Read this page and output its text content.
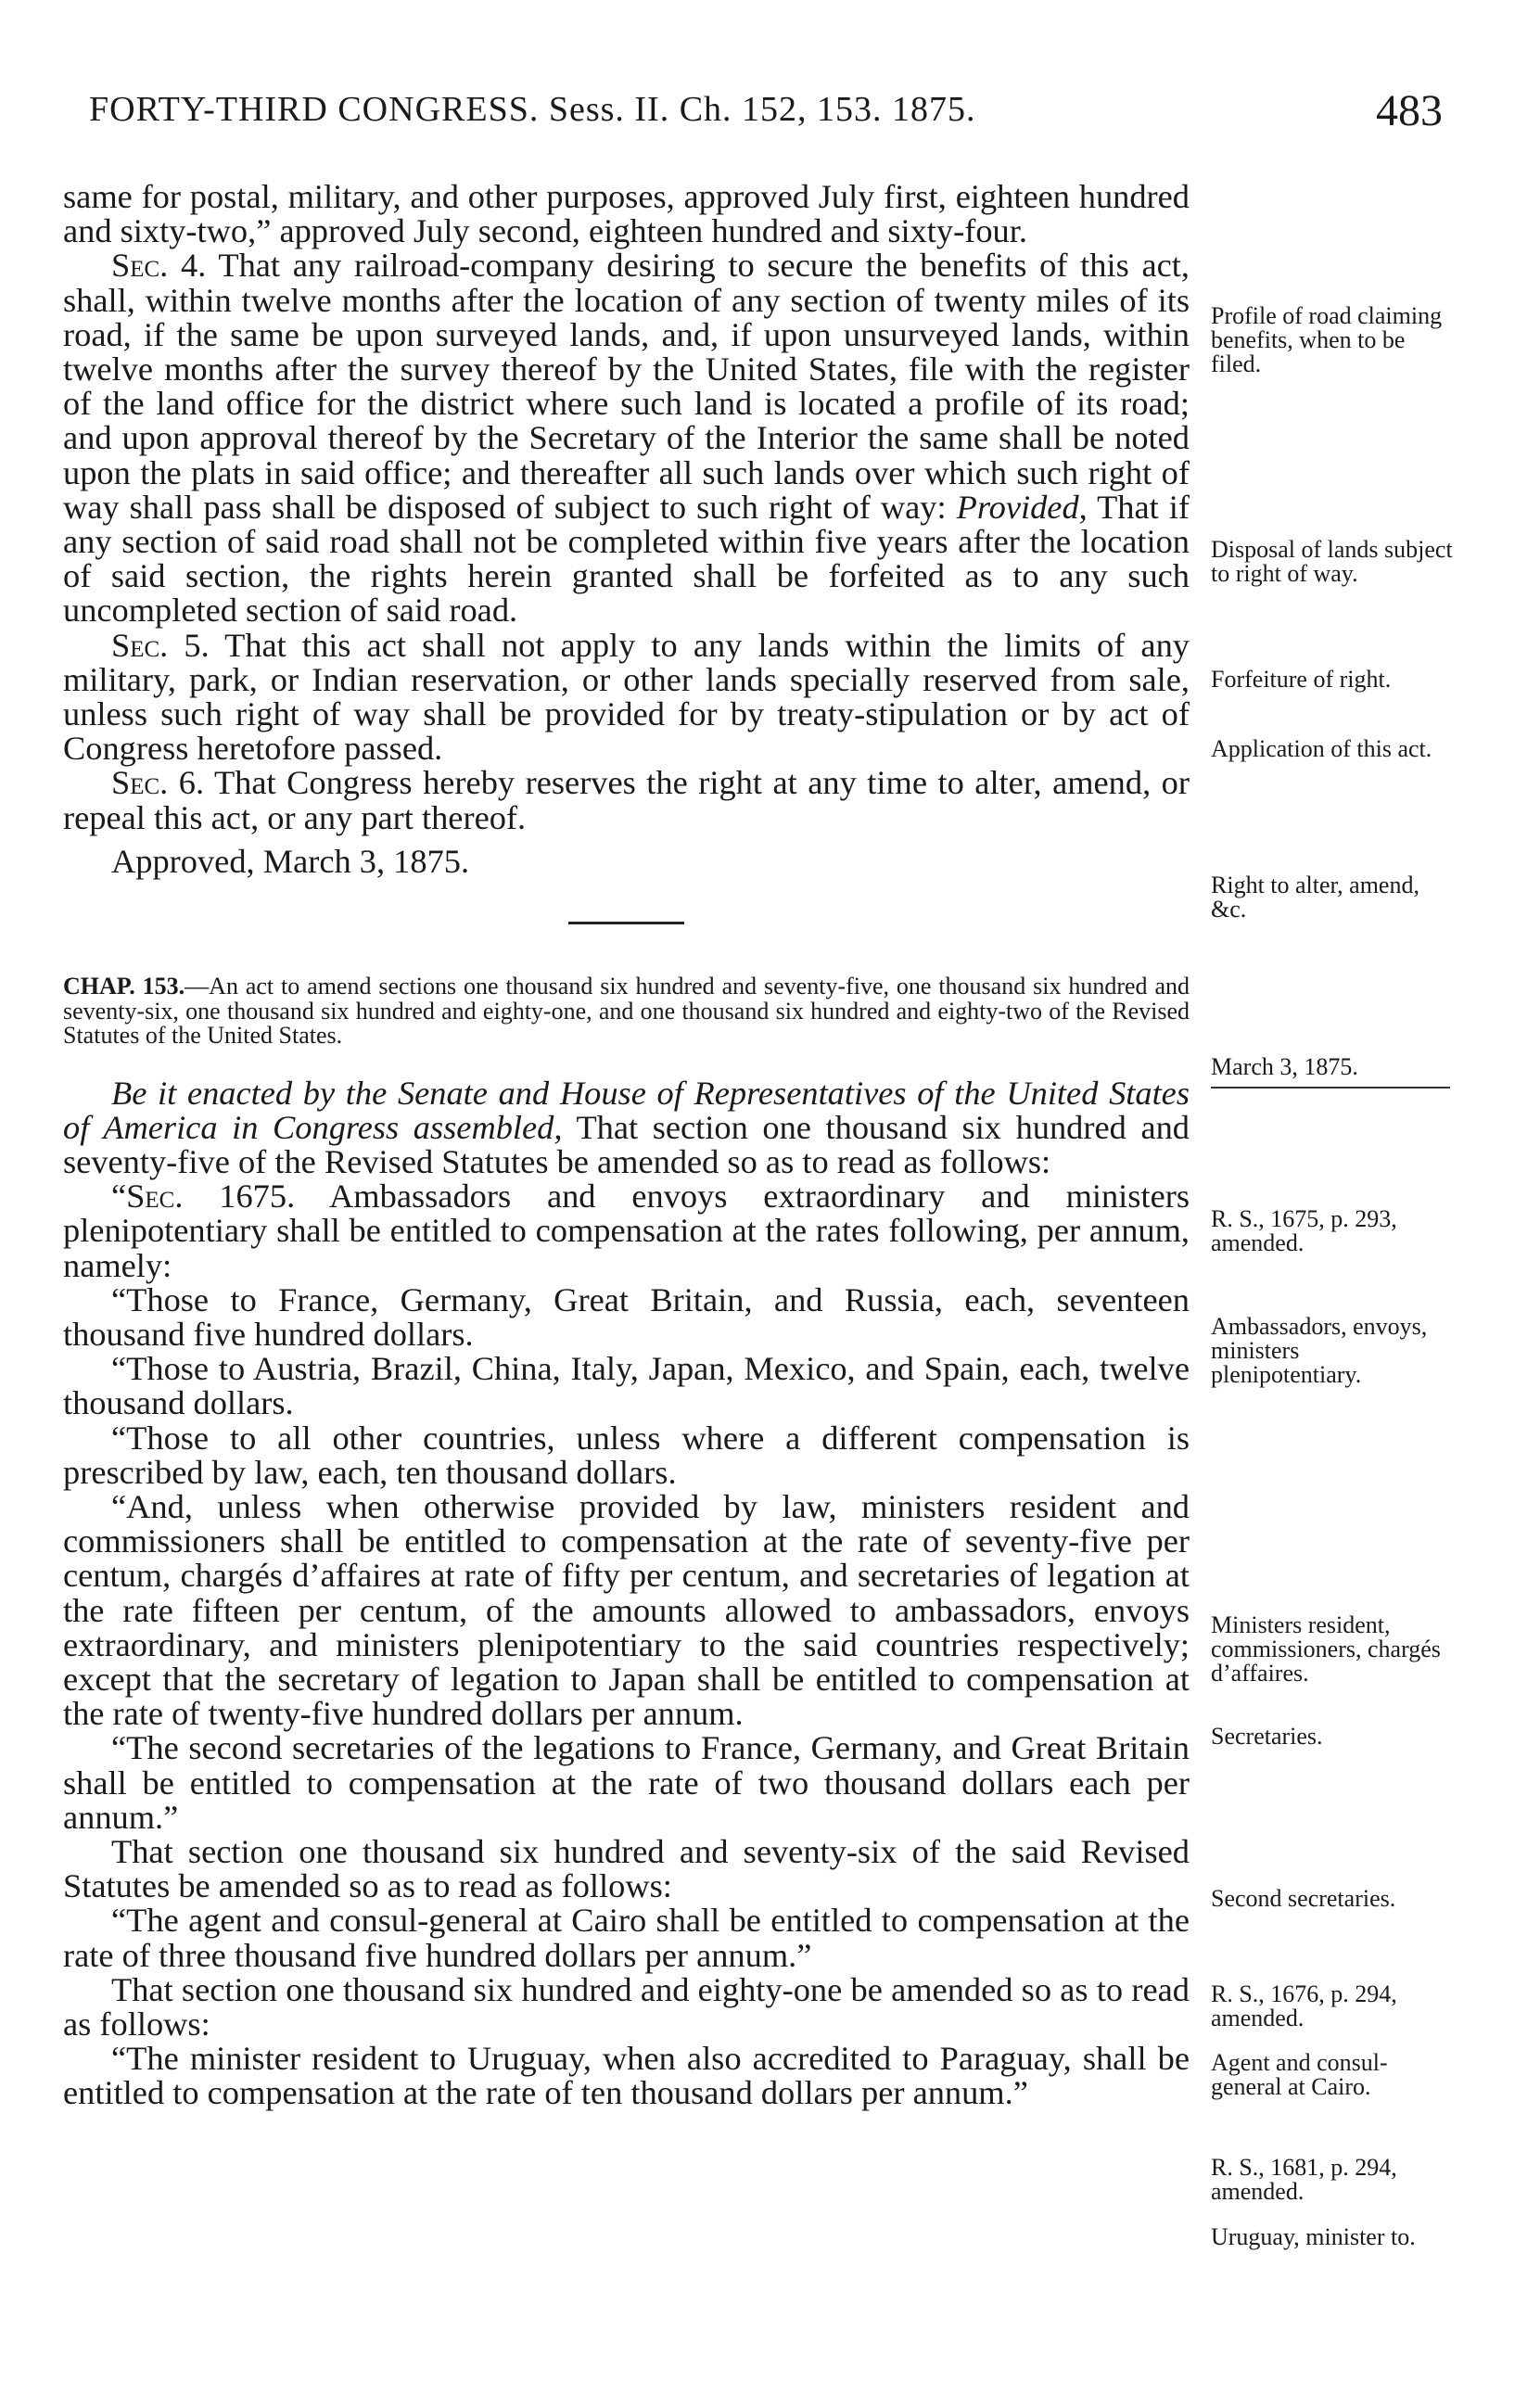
FORTY-THIRD CONGRESS. Sess. II. Ch. 152, 153. 1875.	483

same for postal, military, and other purposes, approved July first, eighteen hundred and sixty-two,” approved July second, eighteen hundred and sixty-four.

Sec. 4. That any railroad-company desiring to secure the benefits of this act, shall, within twelve months after the location of any section of twenty miles of its road, if the same be upon surveyed lands, and, if upon unsurveyed lands, within twelve months after the survey thereof by the United States, file with the register of the land office for the district where such land is located a profile of its road; and upon approval thereof by the Secretary of the Interior the same shall be noted upon the plats in said office; and thereafter all such lands over which such right of way shall pass shall be disposed of subject to such right of way: Provided, That if any section of said road shall not be completed within five years after the location of said section, the rights herein granted shall be forfeited as to any such uncompleted section of said road.

Sec. 5. That this act shall not apply to any lands within the limits of any military, park, or Indian reservation, or other lands specially reserved from sale, unless such right of way shall be provided for by treaty-stipulation or by act of Congress heretofore passed.

Sec. 6. That Congress hereby reserves the right at any time to alter, amend, or repeal this act, or any part thereof.

Approved, March 3, 1875.

CHAP. 153.—An act to amend sections one thousand six hundred and seventy-five, one thousand six hundred and seventy-six, one thousand six hundred and eighty-one, and one thousand six hundred and eighty-two of the Revised Statutes of the United States.

Be it enacted by the Senate and House of Representatives of the United States of America in Congress assembled, That section one thousand six hundred and seventy-five of the Revised Statutes be amended so as to read as follows:

“Sec. 1675. Ambassadors and envoys extraordinary and ministers plenipotentiary shall be entitled to compensation at the rates following, per annum, namely:

“Those to France, Germany, Great Britain, and Russia, each, seventeen thousand five hundred dollars.

“Those to Austria, Brazil, China, Italy, Japan, Mexico, and Spain, each, twelve thousand dollars.

“Those to all other countries, unless where a different compensation is prescribed by law, each, ten thousand dollars.

“And, unless when otherwise provided by law, ministers resident and commissioners shall be entitled to compensation at the rate of seventy-five per centum, chargés d’affaires at rate of fifty per centum, and secretaries of legation at the rate fifteen per centum, of the amounts allowed to ambassadors, envoys extraordinary, and ministers plenipotentiary to the said countries respectively; except that the secretary of legation to Japan shall be entitled to compensation at the rate of twenty-five hundred dollars per annum.

“The second secretaries of the legations to France, Germany, and Great Britain shall be entitled to compensation at the rate of two thousand dollars each per annum.”

That section one thousand six hundred and seventy-six of the said Revised Statutes be amended so as to read as follows:

“The agent and consul-general at Cairo shall be entitled to compensation at the rate of three thousand five hundred dollars per annum.”

That section one thousand six hundred and eighty-one be amended so as to read as follows:

“The minister resident to Uruguay, when also accredited to Paraguay, shall be entitled to compensation at the rate of ten thousand dollars per annum.”

Profile of road claiming benefits, when to be filed.
Disposal of lands subject to right of way.
Forfeiture of right.
Application of this act.
Right to alter, amend, &c.
March 3, 1875.
R. S., 1675, p. 293, amended.
Ambassadors, envoys, ministers plenipotentiary.
Ministers resident, commissioners, chargés d’affaires.
Secretaries.
Second secretaries.
R. S., 1676, p. 294, amended.
Agent and consul-general at Cairo.
R. S., 1681, p. 294, amended.
Uruguay, minister to.
